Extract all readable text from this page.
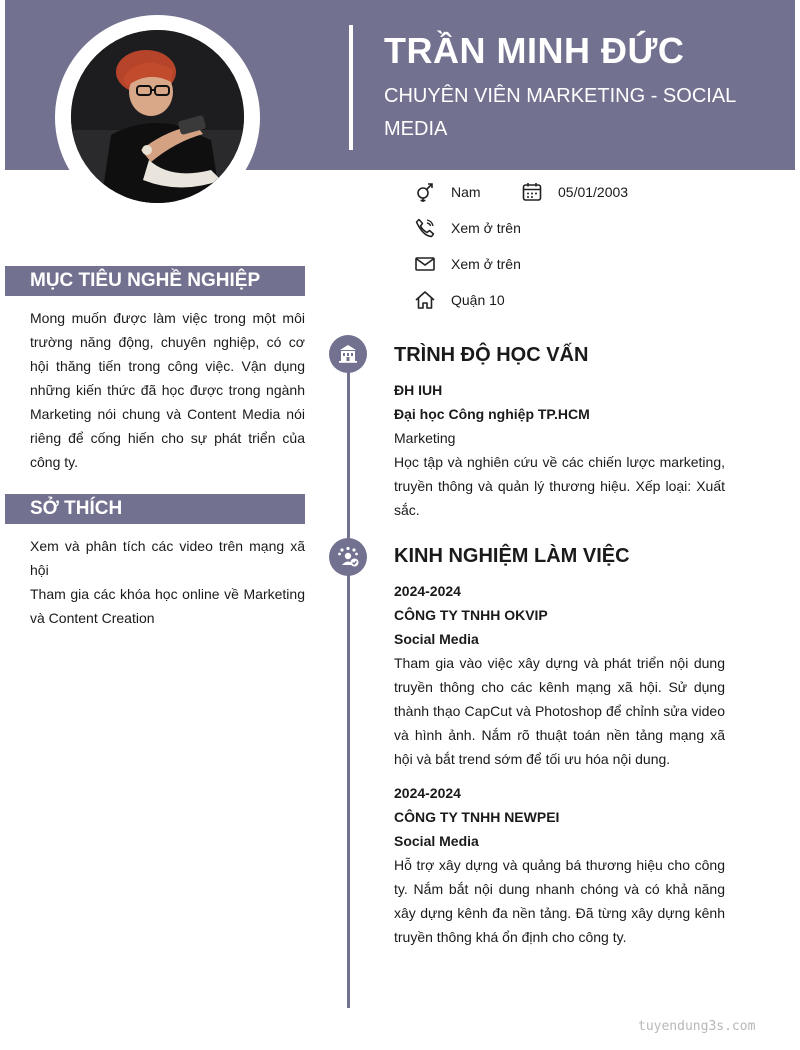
TRẦN MINH ĐỨC
CHUYÊN VIÊN MARKETING - SOCIAL MEDIA
Nam	05/01/2003
Xem ở trên
Xem ở trên
Quận 10
MỤC TIÊU NGHỀ NGHIỆP

Mong muốn được làm việc trong một môi trường năng động, chuyên nghiệp, có cơ hội thăng tiến trong công việc. Vận dụng những kiến thức đã học được trong ngành Marketing nói chung và Content Media nói riêng để cống hiến cho sự phát triển của công ty.

SỞ THÍCH

Xem và phân tích các video trên mạng xã hội

Tham gia các khóa học online về Marketing và Content Creation

TRÌNH ĐỘ HỌC VẤN
ĐH IUH
Đại học Công nghiệp TP.HCM
Marketing

Học tập và nghiên cứu về các chiến lược marketing, truyền thông và quản lý thương hiệu. Xếp loại: Xuất sắc.

KINH NGHIỆM LÀM VIỆC
2024-2024
CÔNG TY TNHH OKVIP
Social Media

Tham gia vào việc xây dựng và phát triển nội dung truyền thông cho các kênh mạng xã hội. Sử dụng thành thạo CapCut và Photoshop để chỉnh sửa video và hình ảnh. Nắm rõ thuật toán nền tảng mạng xã hội và bắt trend sớm để tối ưu hóa nội dung.

2024-2024
CÔNG TY TNHH NEWPEI
Social Media

Hỗ trợ xây dựng và quảng bá thương hiệu cho công ty. Nắm bắt nội dung nhanh chóng và có khả năng xây dựng kênh đa nền tảng. Đã từng xây dựng kênh truyền thông khá ổn định cho công ty.

tuyendung3s.com
